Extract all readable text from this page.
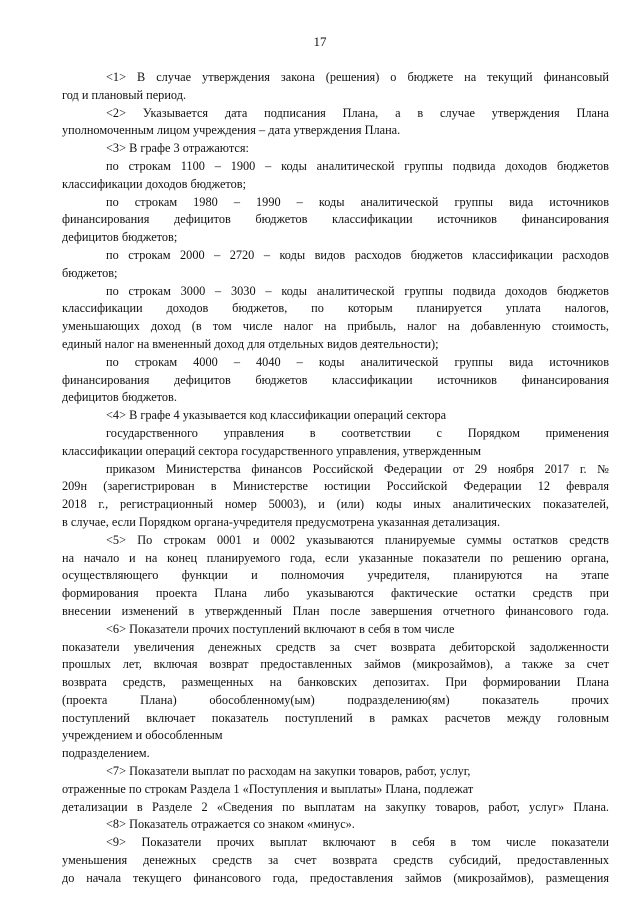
17
<1> В случае утверждения закона (решения) о бюджете на текущий финансовый
год и плановый период.
<2> Указывается дата подписания Плана, а в случае утверждения Плана
уполномоченным лицом учреждения – дата утверждения Плана.
<3> В графе 3 отражаются:
по строкам 1100 – 1900 – коды аналитической группы подвида доходов бюджетов
классификации доходов бюджетов;
по строкам 1980 – 1990 – коды аналитической группы вида источников
финансирования дефицитов бюджетов классификации источников финансирования
дефицитов бюджетов;
по строкам 2000 – 2720 – коды видов расходов бюджетов классификации расходов
бюджетов;
по строкам 3000 – 3030 – коды аналитической группы подвида доходов бюджетов
классификации доходов бюджетов, по которым планируется уплата налогов,
уменьшающих доход (в том числе налог на прибыль, налог на добавленную стоимость,
единый налог на вмененный доход для отдельных видов деятельности);
по строкам 4000 – 4040 – коды аналитической группы вида источников
финансирования дефицитов бюджетов классификации источников финансирования
дефицитов бюджетов.
<4> В графе 4 указывается код классификации операций сектора
государственного управления в соответствии с Порядком применения
классификации операций сектора государственного управления, утвержденным
приказом Министерства финансов Российской Федерации от 29 ноября 2017 г. №
209н (зарегистрирован в Министерстве юстиции Российской Федерации 12 февраля
2018 г., регистрационный номер 50003), и (или) коды иных аналитических показателей,
в случае, если Порядком органа-учредителя предусмотрена указанная детализация.
<5> По строкам 0001 и 0002 указываются планируемые суммы остатков средств
на начало и на конец планируемого года, если указанные показатели по решению органа,
осуществляющего функции и полномочия учредителя, планируются на этапе
формирования проекта Плана либо указываются фактические остатки средств при
внесении изменений в утвержденный План после завершения отчетного финансового года.
<6> Показатели прочих поступлений включают в себя в том числе
показатели увеличения денежных средств за счет возврата дебиторской задолженности
прошлых лет, включая возврат предоставленных займов (микрозаймов), а также за счет
возврата средств, размещенных на банковских депозитах. При формировании Плана
(проекта Плана) обособленному(ым) подразделению(ям) показатель прочих
поступлений включает показатель поступлений в рамках расчетов между головным
учреждением и обособленным
подразделением.
<7> Показатели выплат по расходам на закупки товаров, работ, услуг,
отраженные по строкам Раздела 1 «Поступления и выплаты» Плана, подлежат
детализации в Разделе 2 «Сведения по выплатам на закупку товаров, работ, услуг» Плана.
<8> Показатель отражается со знаком «минус».
<9> Показатели прочих выплат включают в себя в том числе показатели
уменьшения денежных средств за счет возврата средств субсидий, предоставленных
до начала текущего финансового года, предоставления займов (микрозаймов), размещения
